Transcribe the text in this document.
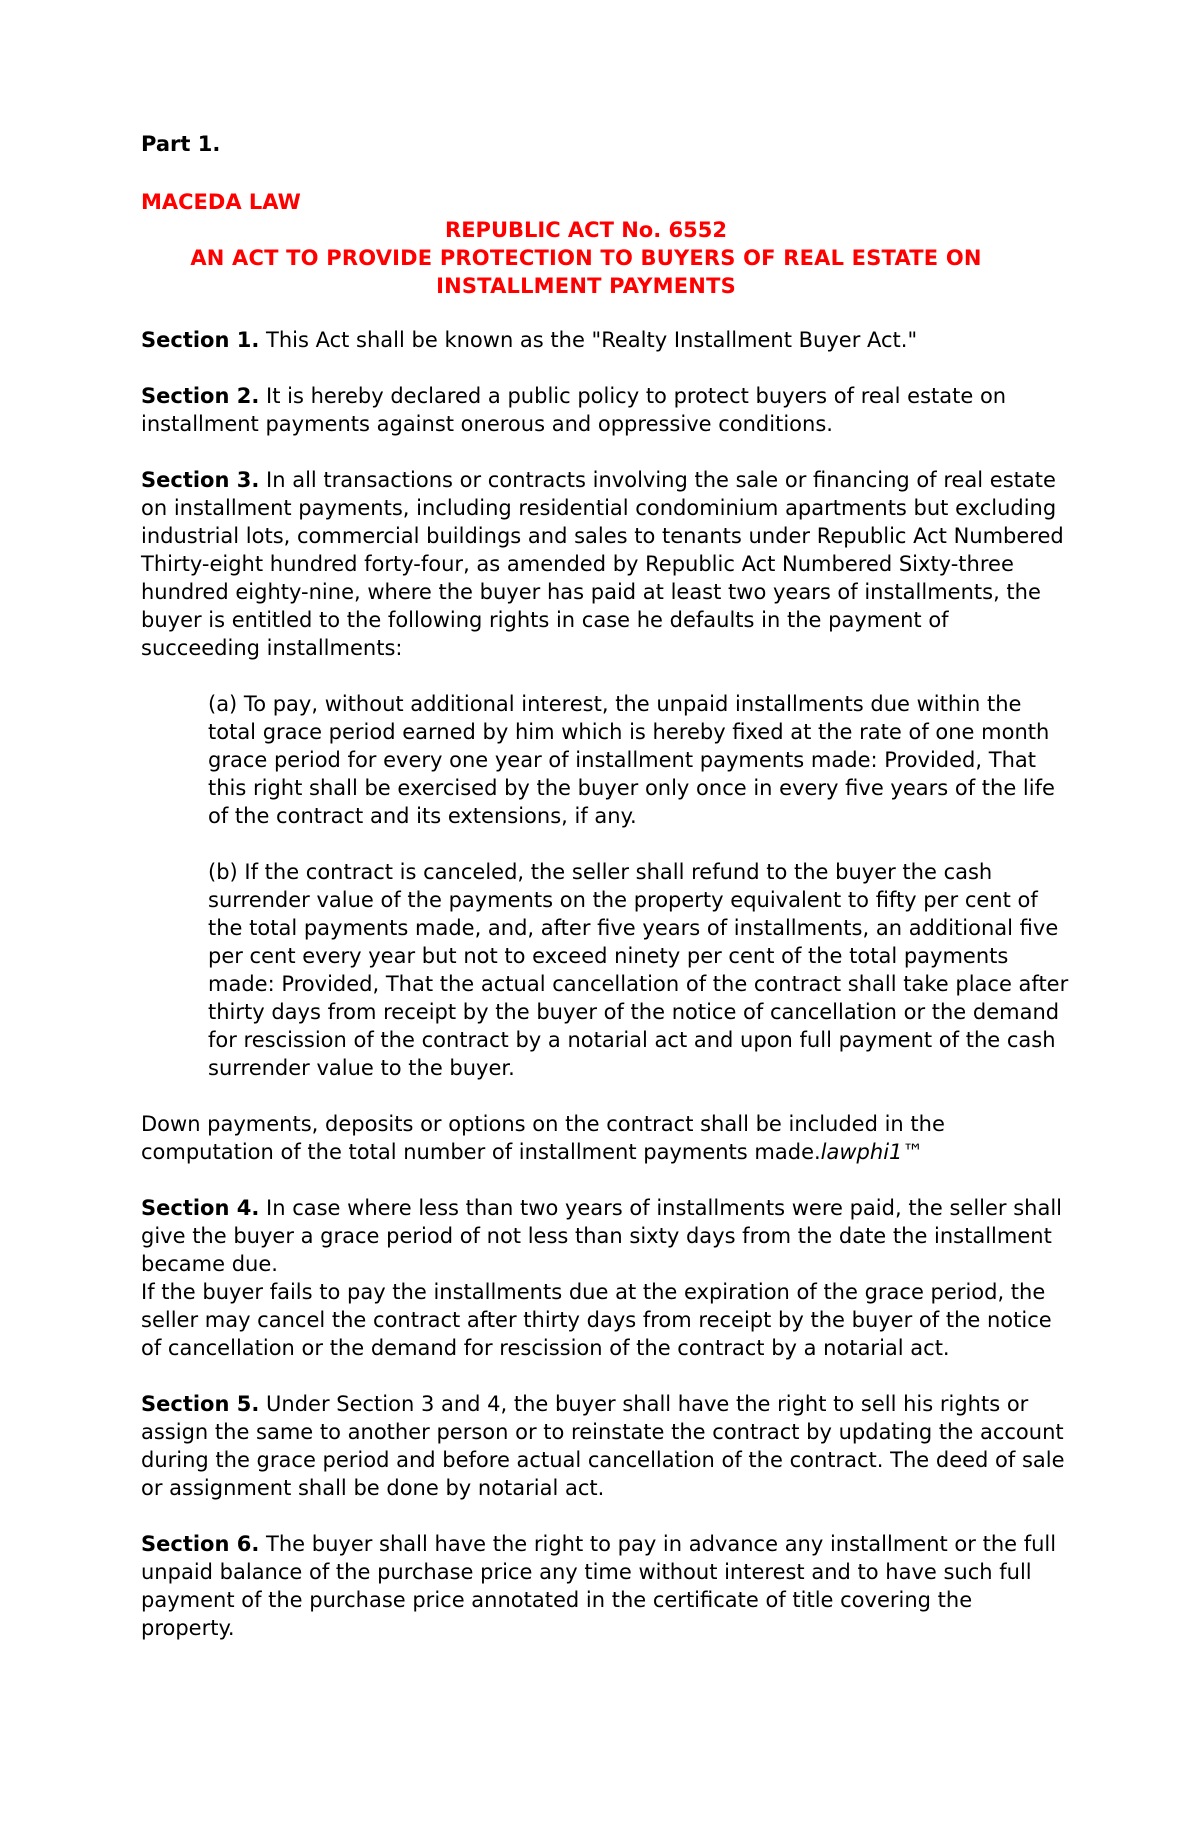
Part 1.

MACEDA LAW

REPUBLIC ACT No. 6552

AN ACT TO PROVIDE PROTECTION TO BUYERS OF REAL ESTATE ON

INSTALLMENT PAYMENTS

Section 1. This Act shall be known as the "Realty Installment Buyer Act."

Section 2. It is hereby declared a public policy to protect buyers of real estate on installment payments against onerous and oppressive conditions.

Section 3. In all transactions or contracts involving the sale or financing of real estate on installment payments, including residential condominium apartments but excluding industrial lots, commercial buildings and sales to tenants under Republic Act Numbered Thirty-eight hundred forty-four, as amended by Republic Act Numbered Sixty-three hundred eighty-nine, where the buyer has paid at least two years of installments, the buyer is entitled to the following rights in case he defaults in the payment of succeeding installments:

(a) To pay, without additional interest, the unpaid installments due within the total grace period earned by him which is hereby fixed at the rate of one month grace period for every one year of installment payments made: Provided, That this right shall be exercised by the buyer only once in every five years of the life of the contract and its extensions, if any.

(b) If the contract is canceled, the seller shall refund to the buyer the cash surrender value of the payments on the property equivalent to fifty per cent of the total payments made, and, after five years of installments, an additional five per cent every year but not to exceed ninety per cent of the total payments made: Provided, That the actual cancellation of the contract shall take place after thirty days from receipt by the buyer of the notice of cancellation or the demand for rescission of the contract by a notarial act and upon full payment of the cash surrender value to the buyer.

Down payments, deposits or options on the contract shall be included in the computation of the total number of installment payments made.lawphi1™

Section 4. In case where less than two years of installments were paid, the seller shall give the buyer a grace period of not less than sixty days from the date the installment became due.

If the buyer fails to pay the installments due at the expiration of the grace period, the seller may cancel the contract after thirty days from receipt by the buyer of the notice of cancellation or the demand for rescission of the contract by a notarial act.

Section 5. Under Section 3 and 4, the buyer shall have the right to sell his rights or assign the same to another person or to reinstate the contract by updating the account during the grace period and before actual cancellation of the contract. The deed of sale or assignment shall be done by notarial act.

Section 6. The buyer shall have the right to pay in advance any installment or the full unpaid balance of the purchase price any time without interest and to have such full payment of the purchase price annotated in the certificate of title covering the property.
